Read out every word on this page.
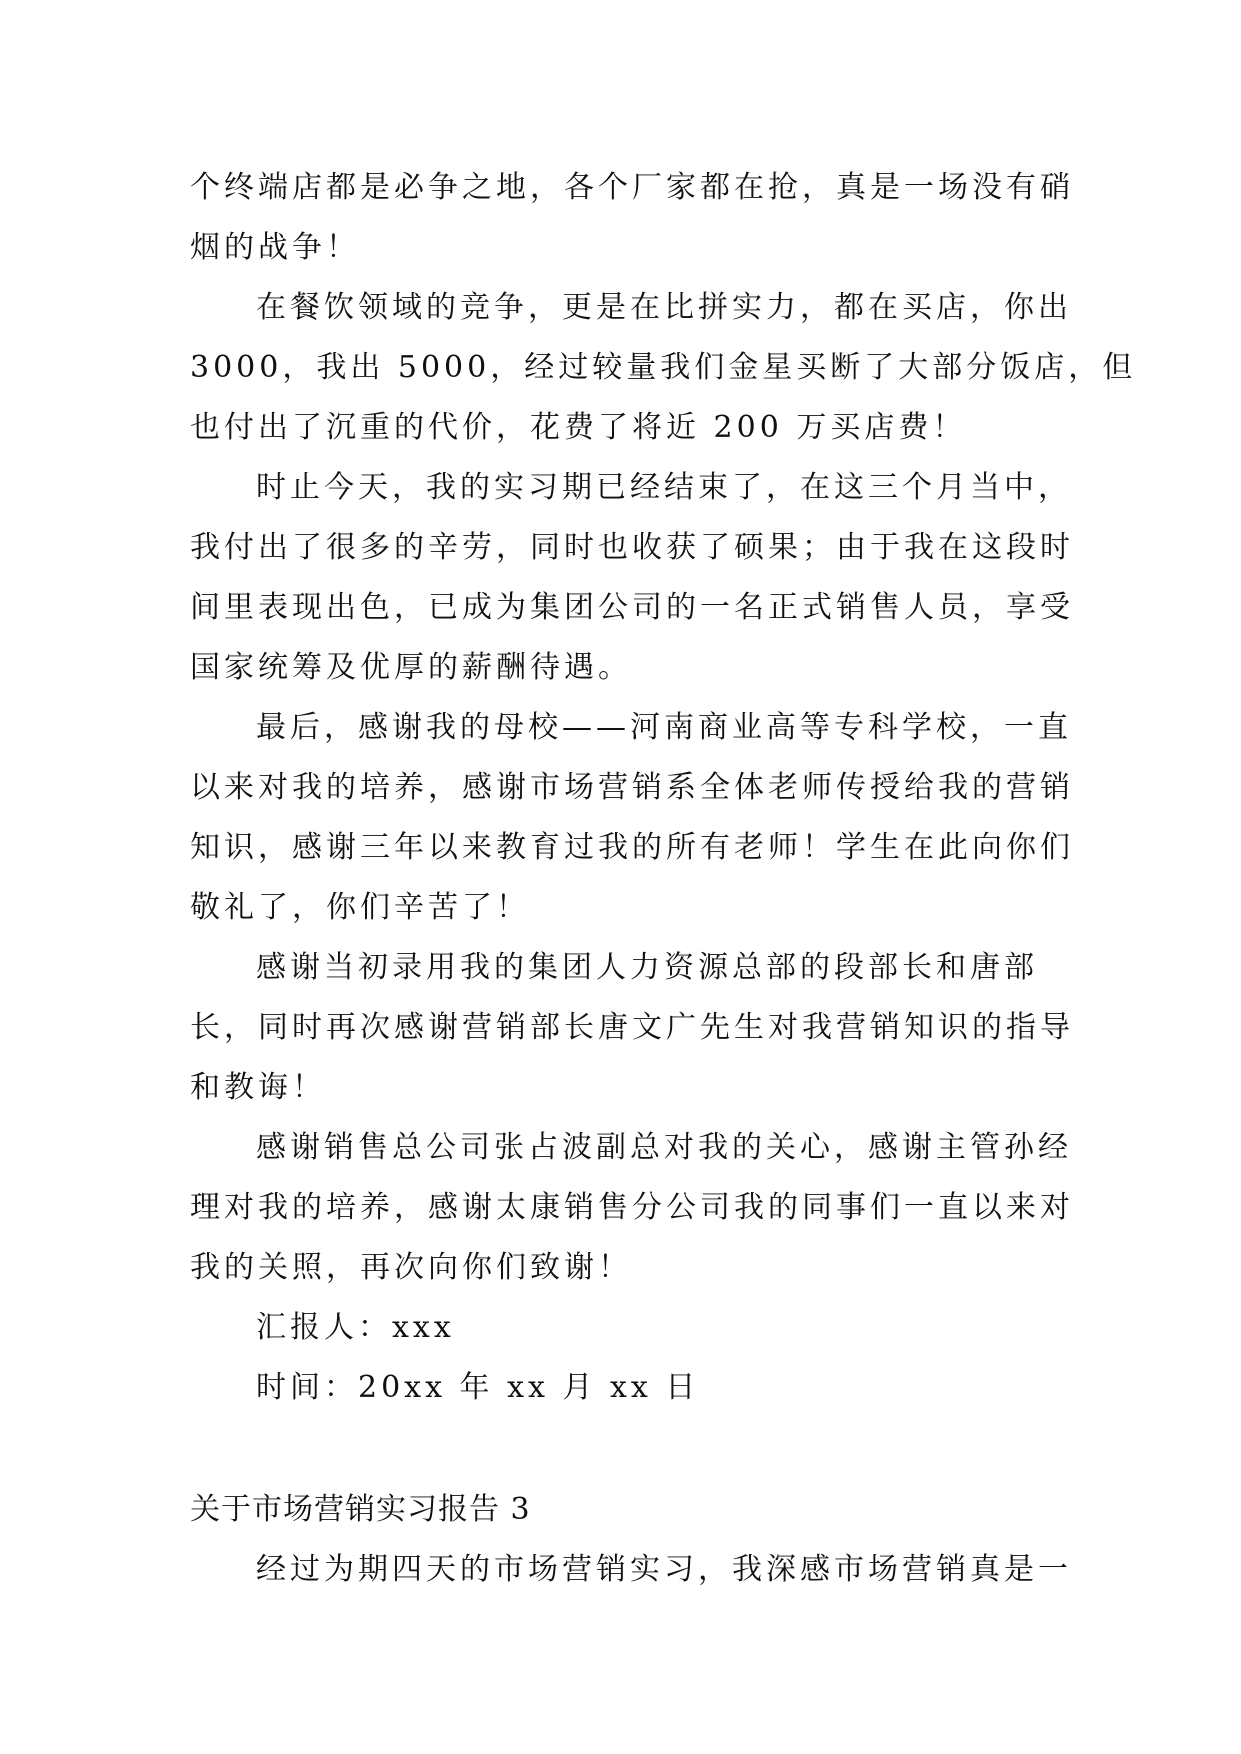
个终端店都是必争之地，各个厂家都在抢，真是一场没有硝
烟的战争！
在餐饮领域的竞争，更是在比拼实力，都在买店，你出
3000，我出 5000，经过较量我们金星买断了大部分饭店，但
也付出了沉重的代价，花费了将近 200 万买店费！
时止今天，我的实习期已经结束了，在这三个月当中，
我付出了很多的辛劳，同时也收获了硕果；由于我在这段时
间里表现出色，已成为集团公司的一名正式销售人员，享受
国家统筹及优厚的薪酬待遇。
最后，感谢我的母校——河南商业高等专科学校，一直
以来对我的培养，感谢市场营销系全体老师传授给我的营销
知识，感谢三年以来教育过我的所有老师！学生在此向你们
敬礼了，你们辛苦了！
感谢当初录用我的集团人力资源总部的段部长和唐部
长，同时再次感谢营销部长唐文广先生对我营销知识的指导
和教诲！
感谢销售总公司张占波副总对我的关心，感谢主管孙经
理对我的培养，感谢太康销售分公司我的同事们一直以来对
我的关照，再次向你们致谢！
汇报人：xxx
时间：20xx 年 xx 月 xx 日
关于市场营销实习报告 3
经过为期四天的市场营销实习，我深感市场营销真是一
